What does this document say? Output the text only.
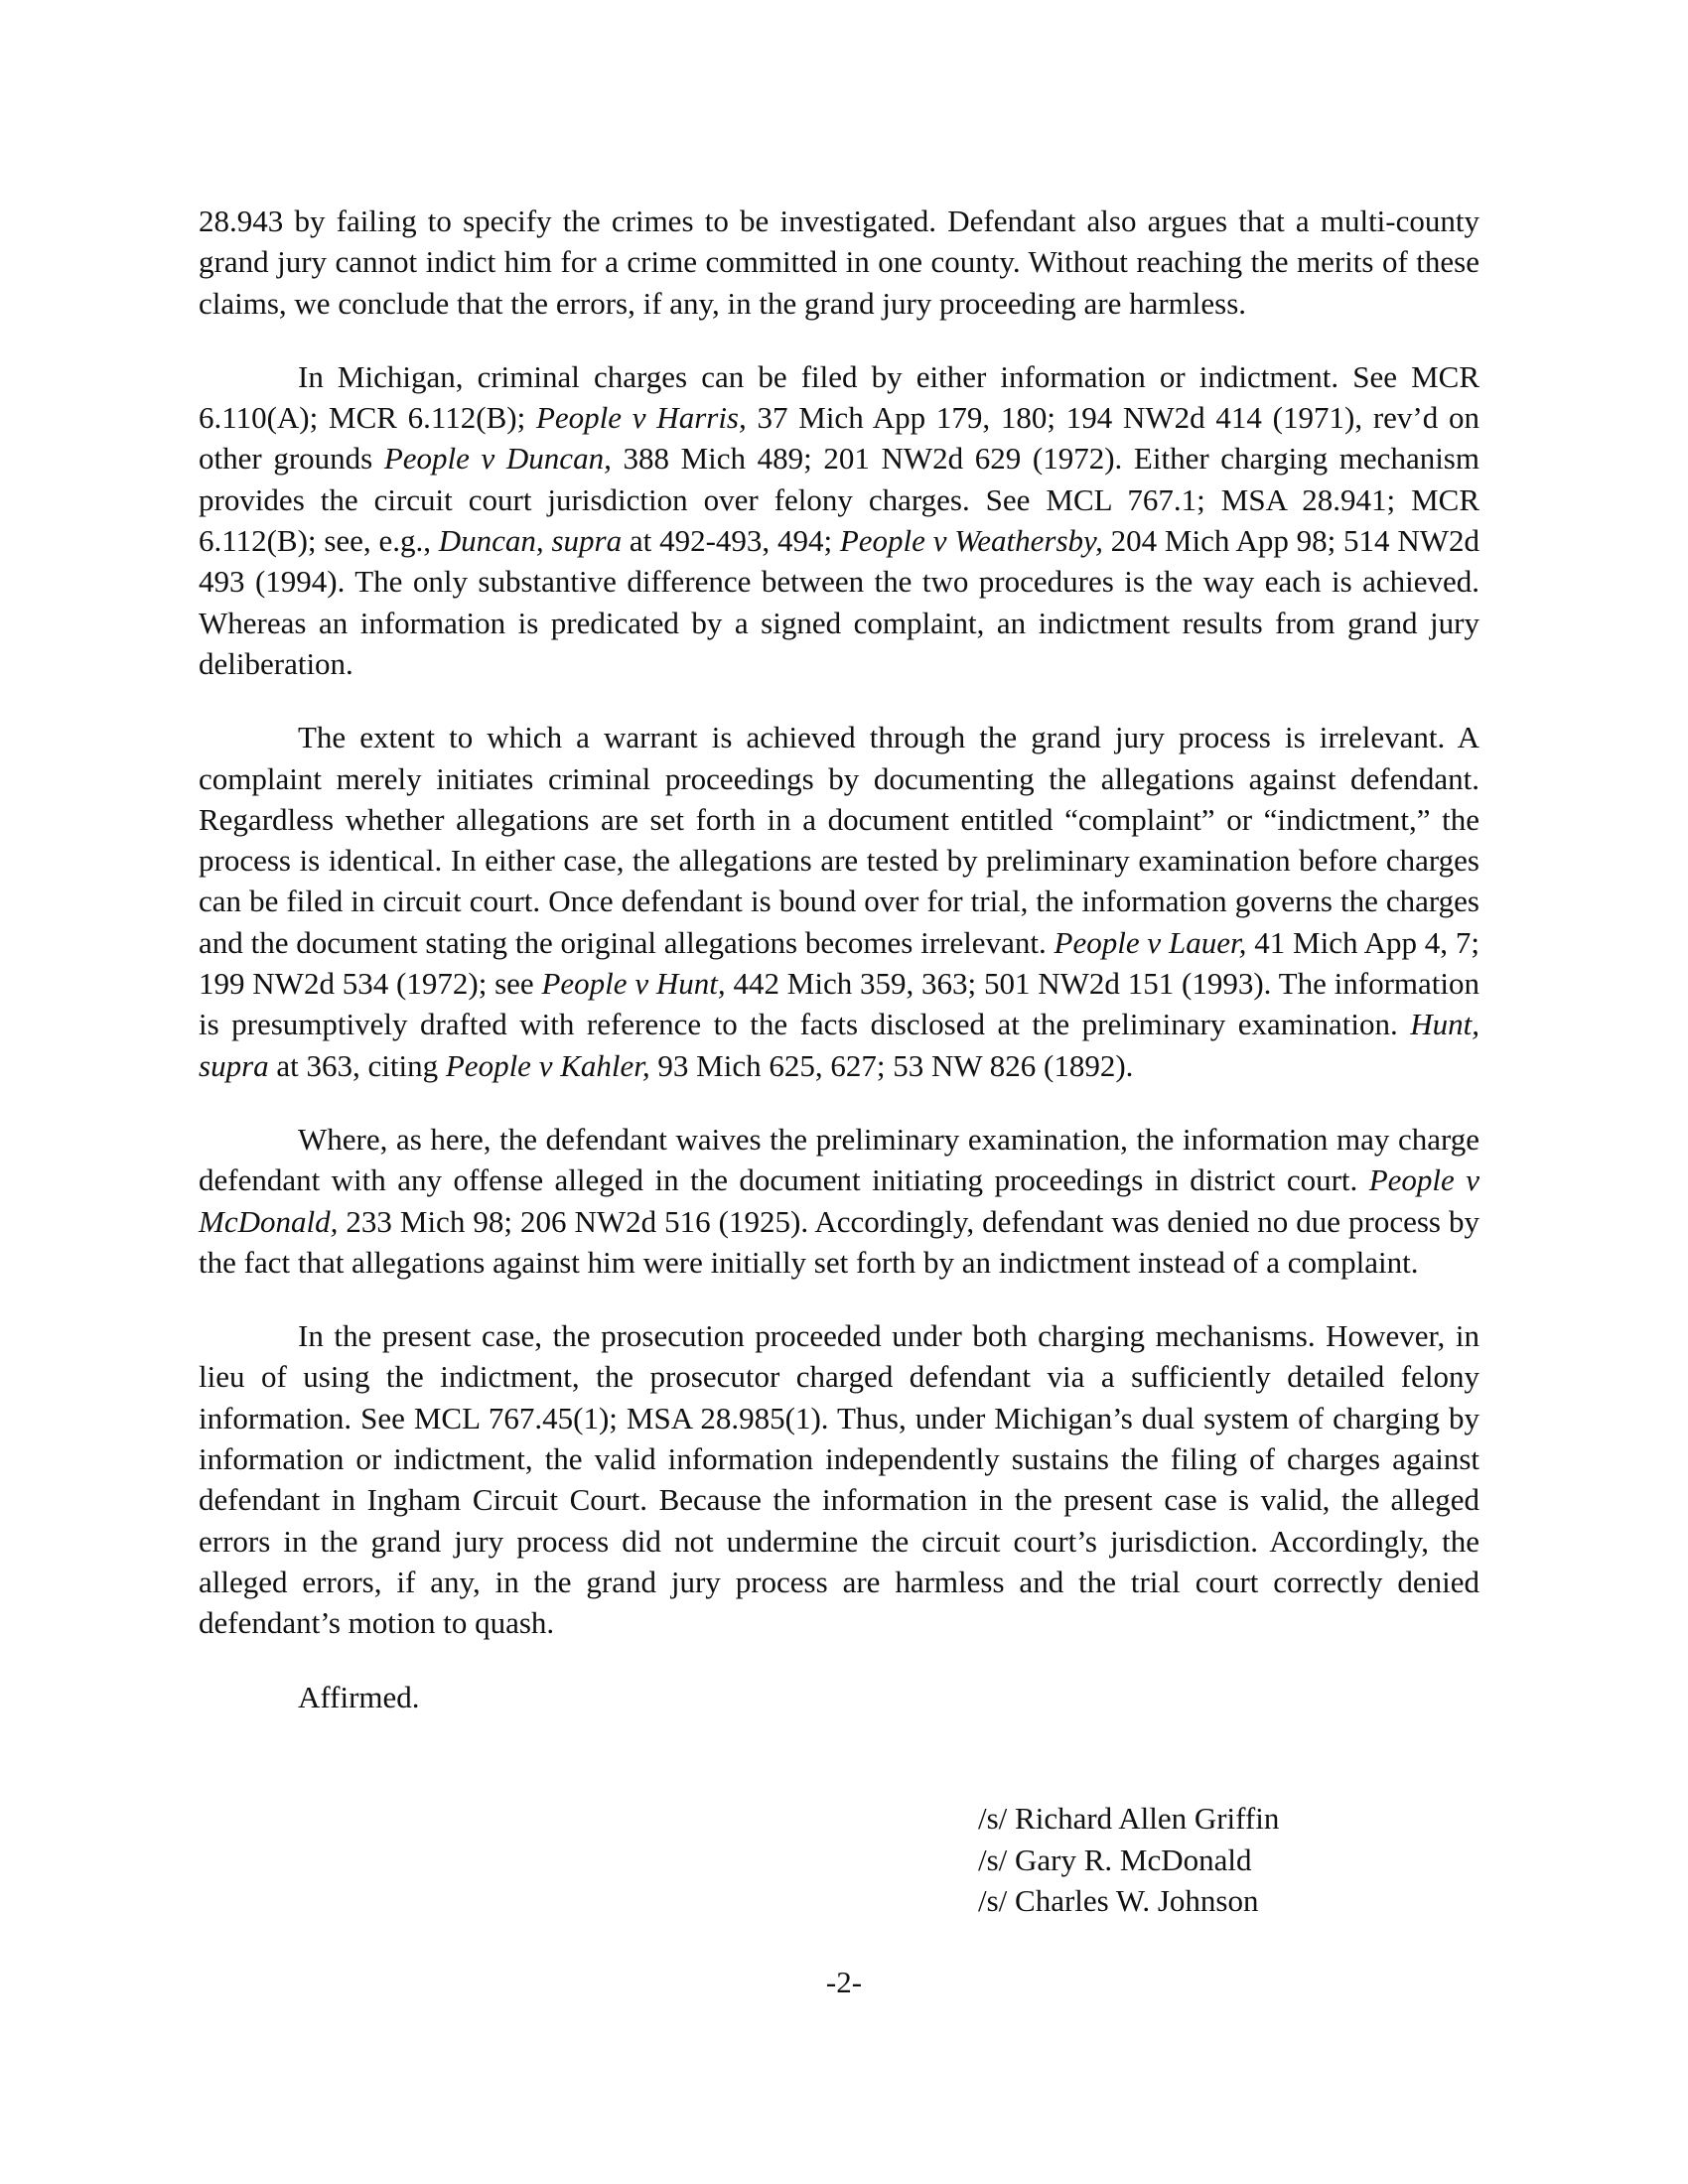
28.943 by failing to specify the crimes to be investigated. Defendant also argues that a multi-county grand jury cannot indict him for a crime committed in one county. Without reaching the merits of these claims, we conclude that the errors, if any, in the grand jury proceeding are harmless.

In Michigan, criminal charges can be filed by either information or indictment. See MCR 6.110(A); MCR 6.112(B); People v Harris, 37 Mich App 179, 180; 194 NW2d 414 (1971), rev’d on other grounds People v Duncan, 388 Mich 489; 201 NW2d 629 (1972). Either charging mechanism provides the circuit court jurisdiction over felony charges. See MCL 767.1; MSA 28.941; MCR 6.112(B); see, e.g., Duncan, supra at 492-493, 494; People v Weathersby, 204 Mich App 98; 514 NW2d 493 (1994). The only substantive difference between the two procedures is the way each is achieved. Whereas an information is predicated by a signed complaint, an indictment results from grand jury deliberation.

The extent to which a warrant is achieved through the grand jury process is irrelevant. A complaint merely initiates criminal proceedings by documenting the allegations against defendant. Regardless whether allegations are set forth in a document entitled “complaint” or “indictment,” the process is identical. In either case, the allegations are tested by preliminary examination before charges can be filed in circuit court. Once defendant is bound over for trial, the information governs the charges and the document stating the original allegations becomes irrelevant. People v Lauer, 41 Mich App 4, 7; 199 NW2d 534 (1972); see People v Hunt, 442 Mich 359, 363; 501 NW2d 151 (1993). The information is presumptively drafted with reference to the facts disclosed at the preliminary examination. Hunt, supra at 363, citing People v Kahler, 93 Mich 625, 627; 53 NW 826 (1892).

Where, as here, the defendant waives the preliminary examination, the information may charge defendant with any offense alleged in the document initiating proceedings in district court. People v McDonald, 233 Mich 98; 206 NW2d 516 (1925). Accordingly, defendant was denied no due process by the fact that allegations against him were initially set forth by an indictment instead of a complaint.

In the present case, the prosecution proceeded under both charging mechanisms. However, in lieu of using the indictment, the prosecutor charged defendant via a sufficiently detailed felony information. See MCL 767.45(1); MSA 28.985(1). Thus, under Michigan’s dual system of charging by information or indictment, the valid information independently sustains the filing of charges against defendant in Ingham Circuit Court. Because the information in the present case is valid, the alleged errors in the grand jury process did not undermine the circuit court’s jurisdiction. Accordingly, the alleged errors, if any, in the grand jury process are harmless and the trial court correctly denied defendant’s motion to quash.

Affirmed.

/s/ Richard Allen Griffin
/s/ Gary R. McDonald
/s/ Charles W. Johnson
-2-
